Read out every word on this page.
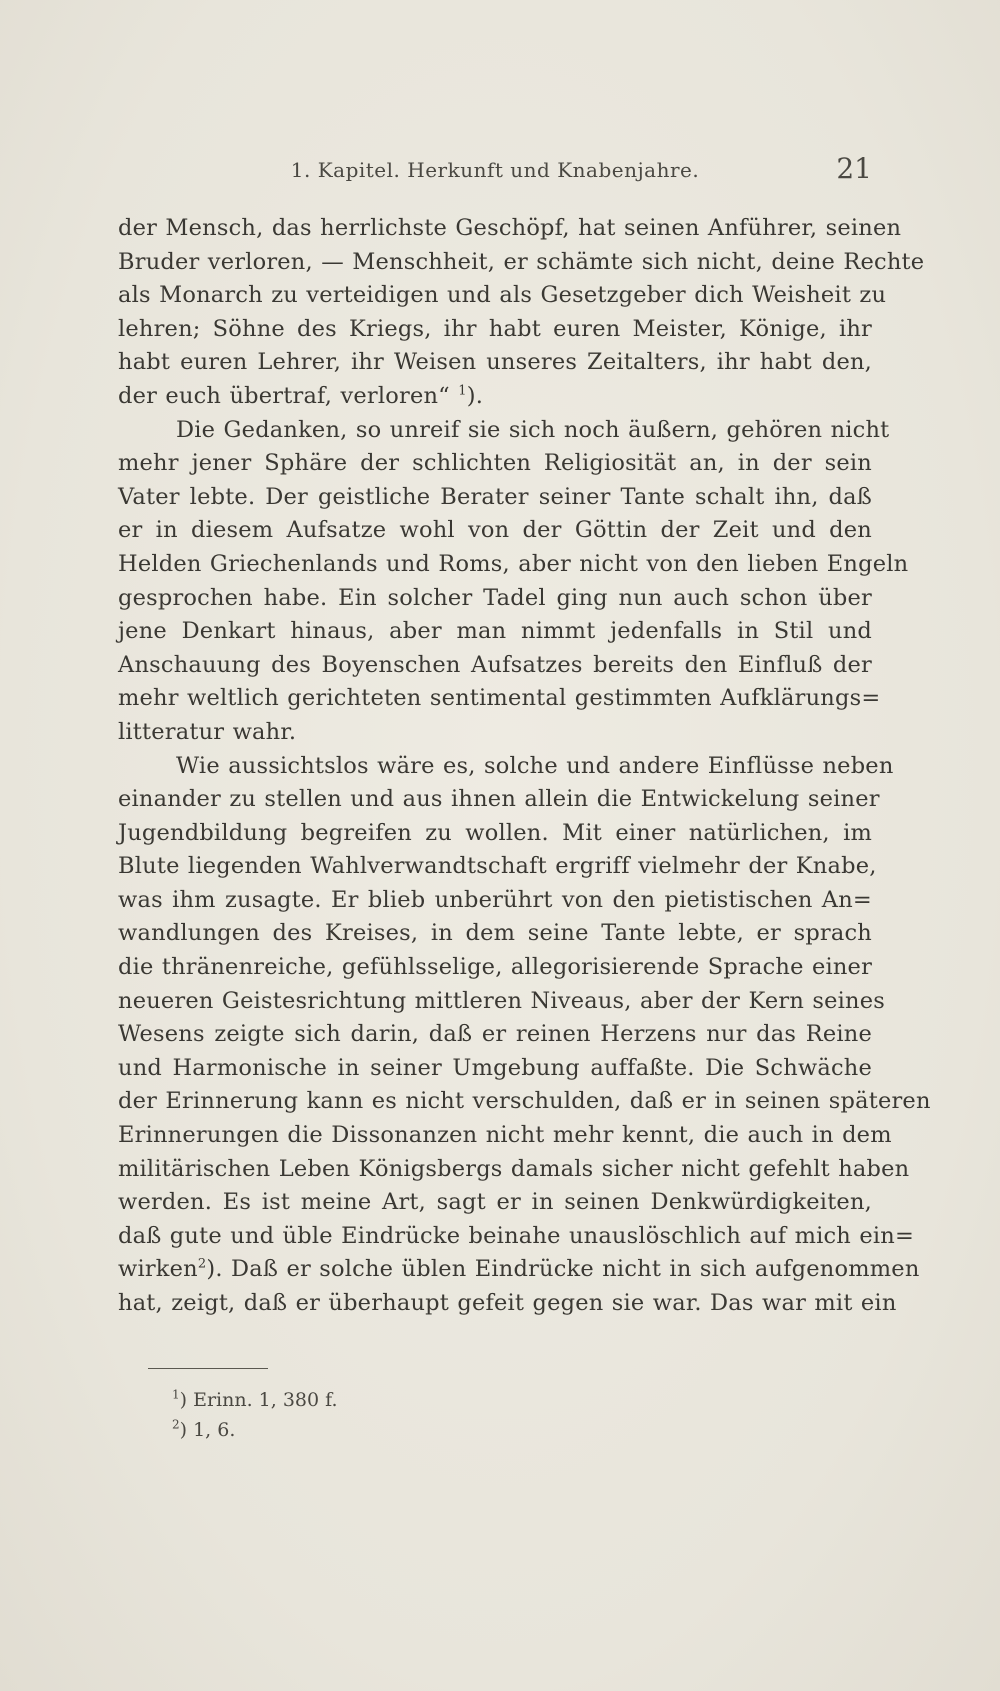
1. Kapitel. Herkunft und Knabenjahre.	21
der Mensch, das herrlichste Geschöpf, hat seinen Anführer, seinen
Bruder verloren, — Menschheit, er schämte sich nicht, deine Rechte
als Monarch zu verteidigen und als Gesetzgeber dich Weisheit zu
lehren; Söhne des Kriegs, ihr habt euren Meister, Könige, ihr
habt euren Lehrer, ihr Weisen unseres Zeitalters, ihr habt den,
der euch übertraf, verloren“ $^1$).
Die Gedanken, so unreif sie sich noch äußern, gehören nicht
mehr jener Sphäre der schlichten Religiosität an, in der sein
Vater lebte. Der geistliche Berater seiner Tante schalt ihn, daß
er in diesem Aufsatze wohl von der Göttin der Zeit und den
Helden Griechenlands und Roms, aber nicht von den lieben Engeln
gesprochen habe. Ein solcher Tadel ging nun auch schon über
jene Denkart hinaus, aber man nimmt jedenfalls in Stil und
Anschauung des Boyenschen Aufsatzes bereits den Einfluß der
mehr weltlich gerichteten sentimental gestimmten Aufklärungs=
litteratur wahr.
Wie aussichtslos wäre es, solche und andere Einflüsse neben
einander zu stellen und aus ihnen allein die Entwickelung seiner
Jugendbildung begreifen zu wollen. Mit einer natürlichen, im
Blute liegenden Wahlverwandtschaft ergriff vielmehr der Knabe,
was ihm zusagte. Er blieb unberührt von den pietistischen An=
wandlungen des Kreises, in dem seine Tante lebte, er sprach
die thränenreiche, gefühlsselige, allegorisierende Sprache einer
neueren Geistesrichtung mittleren Niveaus, aber der Kern seines
Wesens zeigte sich darin, daß er reinen Herzens nur das Reine
und Harmonische in seiner Umgebung auffaßte. Die Schwäche
der Erinnerung kann es nicht verschulden, daß er in seinen späteren
Erinnerungen die Dissonanzen nicht mehr kennt, die auch in dem
militärischen Leben Königsbergs damals sicher nicht gefehlt haben
werden. Es ist meine Art, sagt er in seinen Denkwürdigkeiten,
daß gute und üble Eindrücke beinahe unauslöschlich auf mich ein=
wirken$^2$). Daß er solche üblen Eindrücke nicht in sich aufgenommen
hat, zeigt, daß er überhaupt gefeit gegen sie war. Das war mit ein
$^1$) Erinn. 1, 380 f.
$^2$) 1, 6.
